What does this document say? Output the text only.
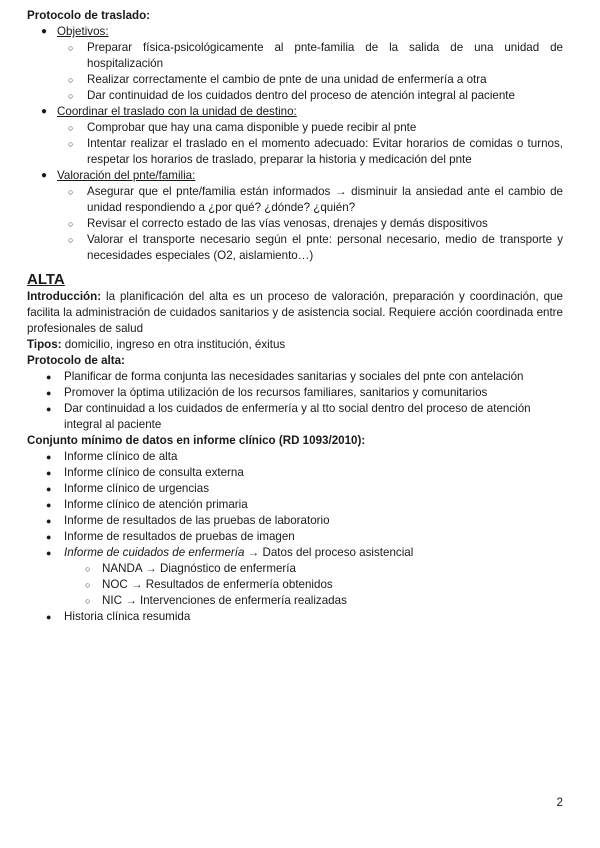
Protocolo de traslado:
● Objetivos:
○ Preparar física-psicológicamente al pnte-familia de la salida de una unidad de hospitalización
○ Realizar correctamente el cambio de pnte de una unidad de enfermería a otra
○ Dar continuidad de los cuidados dentro del proceso de atención integral al paciente
● Coordinar el traslado con la unidad de destino:
○ Comprobar que hay una cama disponible y puede recibir al pnte
○ Intentar realizar el traslado en el momento adecuado: Evitar horarios de comidas o turnos, respetar los horarios de traslado, preparar la historia y medicación del pnte
● Valoración del pnte/familia:
○ Asegurar que el pnte/familia están informados → disminuir la ansiedad ante el cambio de unidad respondiendo a ¿por qué? ¿dónde? ¿quién?
○ Revisar el correcto estado de las vías venosas, drenajes y demás dispositivos
○ Valorar el transporte necesario según el pnte: personal necesario, medio de transporte y necesidades especiales (O2, aislamiento…)
ALTA
Introducción: la planificación del alta es un proceso de valoración, preparación y coordinación, que facilita la administración de cuidados sanitarios y de asistencia social. Requiere acción coordinada entre profesionales de salud
Tipos: domicilio, ingreso en otra institución, éxitus
Protocolo de alta:
● Planificar de forma conjunta las necesidades sanitarias y sociales del pnte con antelación
● Promover la óptima utilización de los recursos familiares, sanitarios y comunitarios
● Dar continuidad a los cuidados de enfermería y al tto social dentro del proceso de atención integral al paciente
Conjunto mínimo de datos en informe clínico (RD 1093/2010):
● Informe clínico de alta
● Informe clínico de consulta externa
● Informe clínico de urgencias
● Informe clínico de atención primaria
● Informe de resultados de las pruebas de laboratorio
● Informe de resultados de pruebas de imagen
● Informe de cuidados de enfermería → Datos del proceso asistencial
○ NANDA → Diagnóstico de enfermería
○ NOC → Resultados de enfermería obtenidos
○ NIC → Intervenciones de enfermería realizadas
● Historia clínica resumida
2
